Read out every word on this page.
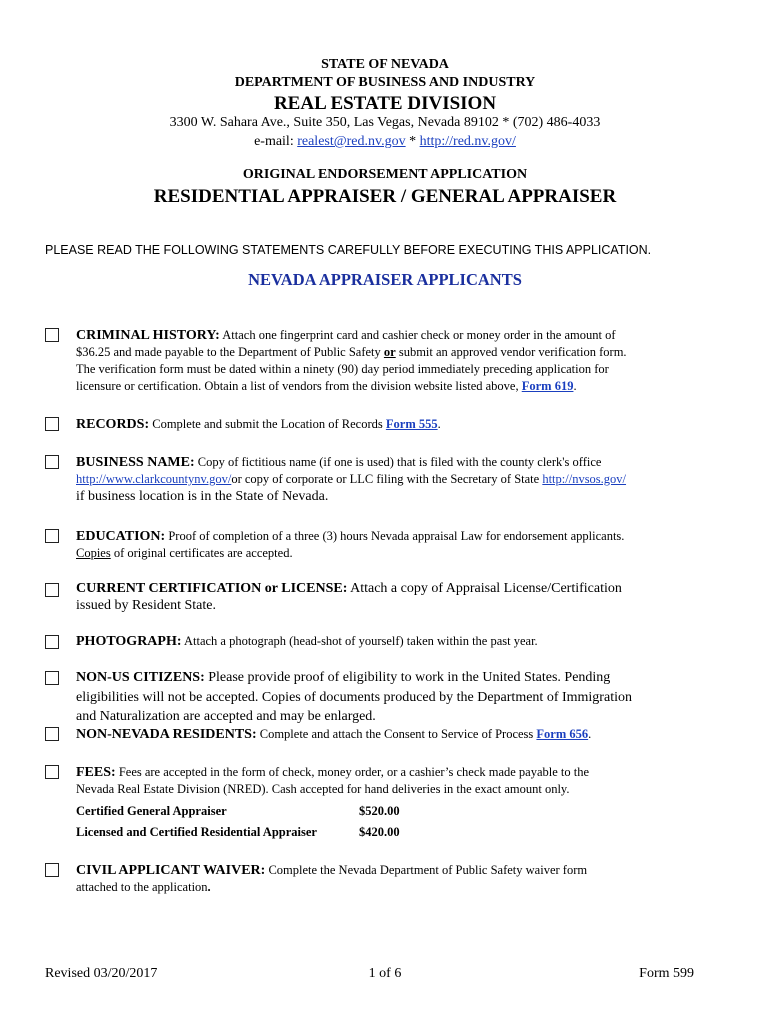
STATE OF NEVADA
DEPARTMENT OF BUSINESS AND INDUSTRY
REAL ESTATE DIVISION
3300 W. Sahara Ave., Suite 350, Las Vegas, Nevada 89102 * (702) 486-4033
e-mail: realest@red.nv.gov * http://red.nv.gov/
ORIGINAL ENDORSEMENT APPLICATION
RESIDENTIAL APPRAISER / GENERAL APPRAISER
PLEASE READ THE FOLLOWING STATEMENTS CAREFULLY BEFORE EXECUTING THIS APPLICATION.
NEVADA APPRAISER APPLICANTS
CRIMINAL HISTORY: Attach one fingerprint card and cashier check or money order in the amount of
$36.25 and made payable to the Department of Public Safety or submit an approved vendor verification form.
The verification form must be dated within a ninety (90) day period immediately preceding application for
licensure or certification. Obtain a list of vendors from the division website listed above, Form 619.
RECORDS: Complete and submit the Location of Records Form 555.
BUSINESS NAME: Copy of fictitious name (if one is used) that is filed with the county clerk's office
http://www.clarkcountynv.gov/or copy of corporate or LLC filing with the Secretary of State http://nvsos.gov/
if business location is in the State of Nevada.
EDUCATION: Proof of completion of a three (3) hours Nevada appraisal Law for endorsement applicants.
Copies of original certificates are accepted.
CURRENT CERTIFICATION or LICENSE: Attach a copy of Appraisal License/Certification
issued by Resident State.
PHOTOGRAPH: Attach a photograph (head-shot of yourself) taken within the past year.
NON-US CITIZENS: Please provide proof of eligibility to work in the United States. Pending
eligibilities will not be accepted. Copies of documents produced by the Department of Immigration
and Naturalization are accepted and may be enlarged.
NON-NEVADA RESIDENTS: Complete and attach the Consent to Service of Process Form 656.
FEES: Fees are accepted in the form of check, money order, or a cashier’s check made payable to the
Nevada Real Estate Division (NRED). Cash accepted for hand deliveries in the exact amount only.
Certified General Appraiser	$520.00
Licensed and Certified Residential Appraiser	$420.00
CIVIL APPLICANT WAIVER: Complete the Nevada Department of Public Safety waiver form
attached to the application.
Revised 03/20/2017	1 of 6	Form 599
